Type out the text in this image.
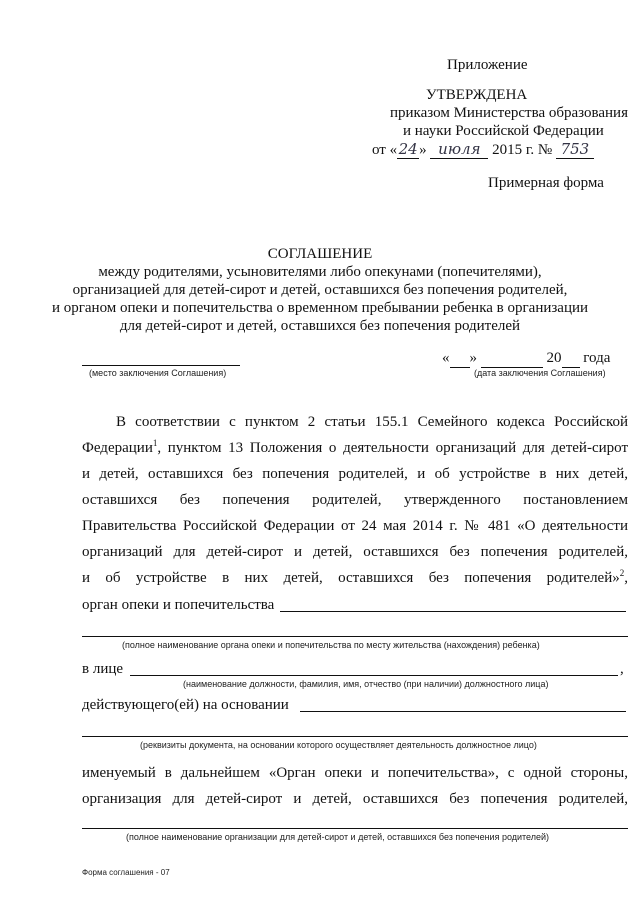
Приложение
УТВЕРЖДЕНА
приказом Министерства образования
и науки Российской Федерации
от «24» июля 2015 г. № 753
Примерная форма
СОГЛАШЕНИЕ
между родителями, усыновителями либо опекунами (попечителями),
организацией для детей-сирот и детей, оставшихся без попечения родителей,
и органом опеки и попечительства о временном пребывании ребенка в организации
для детей-сирот и детей, оставшихся без попечения родителей
(место заключения Соглашения)
« »	20 года
(дата заключения Соглашения)
В соответствии с пунктом 2 статьи 155.1 Семейного кодекса Российской
Федерации$^1$, пунктом 13 Положения о деятельности организаций для детей-сирот
и детей, оставшихся без попечения родителей, и об устройстве в них детей,
оставшихся без попечения родителей, утвержденного постановлением
Правительства Российской Федерации от 24 мая 2014 г. № 481 «О деятельности
организаций для детей-сирот и детей, оставшихся без попечения родителей,
и об устройстве в них детей, оставшихся без попечения родителей»$^2$,
орган опеки и попечительства
(полное наименование органа опеки и попечительства по месту жительства (нахождения) ребенка)
в лице	,
(наименование должности, фамилия, имя, отчество (при наличии) должностного лица)
действующего(ей) на основании
(реквизиты документа, на основании которого осуществляет деятельность должностное лицо)
именуемый в дальнейшем «Орган опеки и попечительства», с одной стороны,
организация для детей-сирот и детей, оставшихся без попечения родителей,
(полное наименование организации для детей-сирот и детей, оставшихся без попечения родителей)
Форма соглашения - 07
